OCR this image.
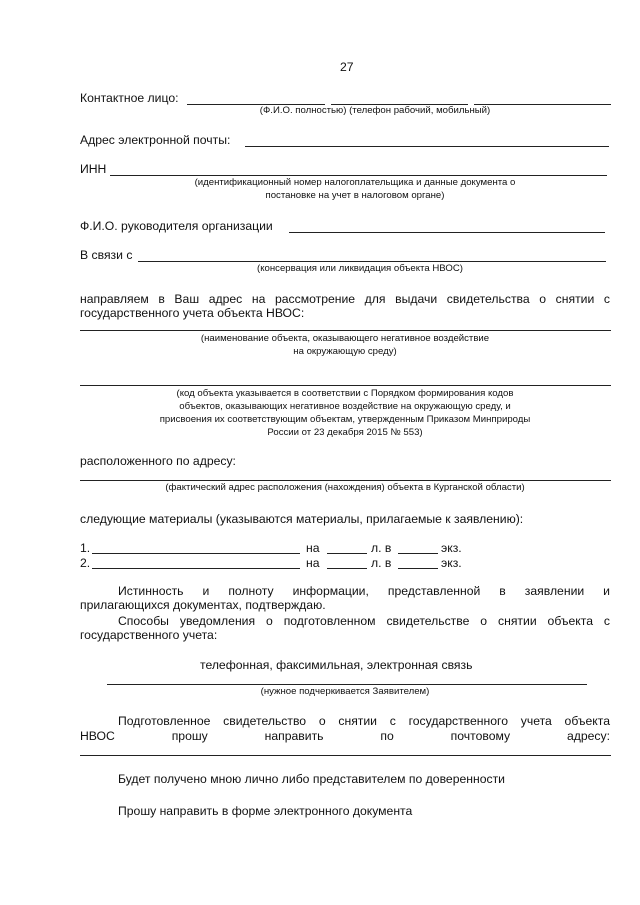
27
Контактное лицо:
(Ф.И.О. полностью) (телефон рабочий, мобильный)
Адрес электронной почты:
ИНН
(идентификационный номер налогоплательщика и данные документа о
постановке на учет в налоговом органе)
Ф.И.О. руководителя организации
В связи с
(консервация или ликвидация объекта НВОС)
направляем в Ваш адрес на рассмотрение для выдачи свидетельства о снятии с
государственного учета объекта НВОС:
(наименование объекта, оказывающего негативное воздействие
на окружающую среду)
(код объекта указывается в соответствии с Порядком формирования кодов
объектов, оказывающих негативное воздействие на окружающую среду, и
присвоения их соответствующим объектам, утвержденным Приказом Минприроды
России от 23 декабря 2015 № 553)
расположенного по адресу:
(фактический адрес расположения (нахождения) объекта в Курганской области)
следующие материалы (указываются материалы, прилагаемые к заявлению):
1.	на	л. в	экз.
2.	на	л. в	экз.
Истинность и полноту информации, представленной в заявлении и
прилагающихся документах, подтверждаю.
Способы уведомления о подготовленном свидетельстве о снятии объекта с
государственного учета:
телефонная, факсимильная, электронная связь
(нужное подчеркивается Заявителем)
Подготовленное свидетельство о снятии с государственного учета объекта
НВОС прошу направить по почтовому адресу:
Будет получено мною лично либо представителем по доверенности
Прошу направить в форме электронного документа
